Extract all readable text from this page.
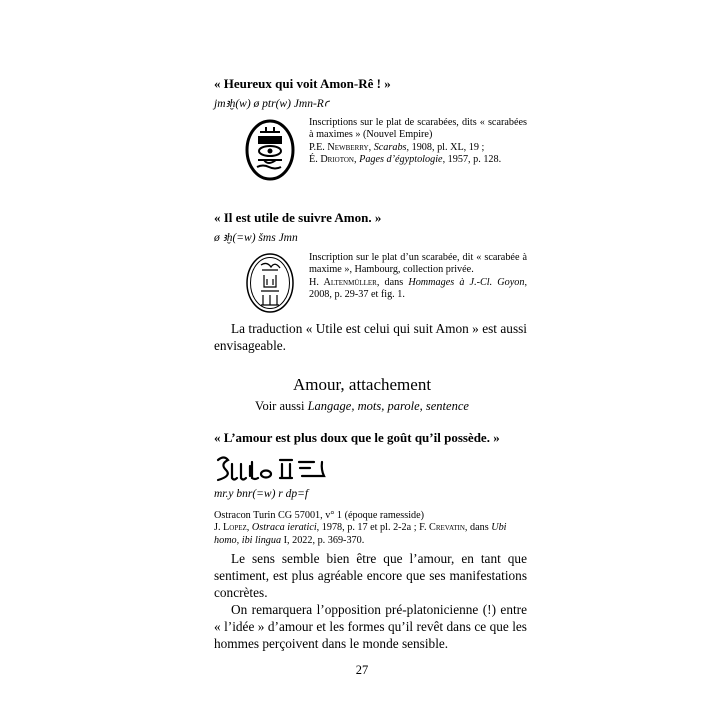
« Heureux qui voit Amon-Rê ! »
jmꜣḫ(w) ø ptr(w) Jmn-Rꜥ

Inscriptions sur le plat de scarabées, dits « scarabées à maximes » (Nouvel Empire)

P.E. Newberry, Scarabs, 1908, pl. XL, 19 ;

É. Drioton, Pages d’égyptologie, 1957, p. 128.

« Il est utile de suivre Amon. »
ø ꜣḫ(=w) šms Jmn

Inscription sur le plat d’un scarabée, dit « scarabée à maxime », Hambourg, collection privée.

H. Altenmüller, dans Hommages à J.-Cl. Goyon, 2008, p. 29-37 et fig. 1.

La traduction « Utile est celui qui suit Amon » est aussi envisageable.

Amour, attachement
Voir aussi Langage, mots, parole, sentence
« L’amour est plus doux que le goût qu’il possède. »
mr.y bnr(=w) r dp=f

Ostracon Turin CG 57001, v° 1 (époque ramesside)

J. Lopez, Ostraca ieratici, 1978, p. 17 et pl. 2-2a ; F. Crevatin, dans Ubi homo, ibi lingua I, 2022, p. 369-370.

Le sens semble bien être que l’amour, en tant que sentiment, est plus agréable encore que ses manifestations concrètes.

On remarquera l’opposition pré-platonicienne (!) entre « l’idée » d’amour et les formes qu’il revêt dans ce que les hommes perçoivent dans le monde sensible.

27
